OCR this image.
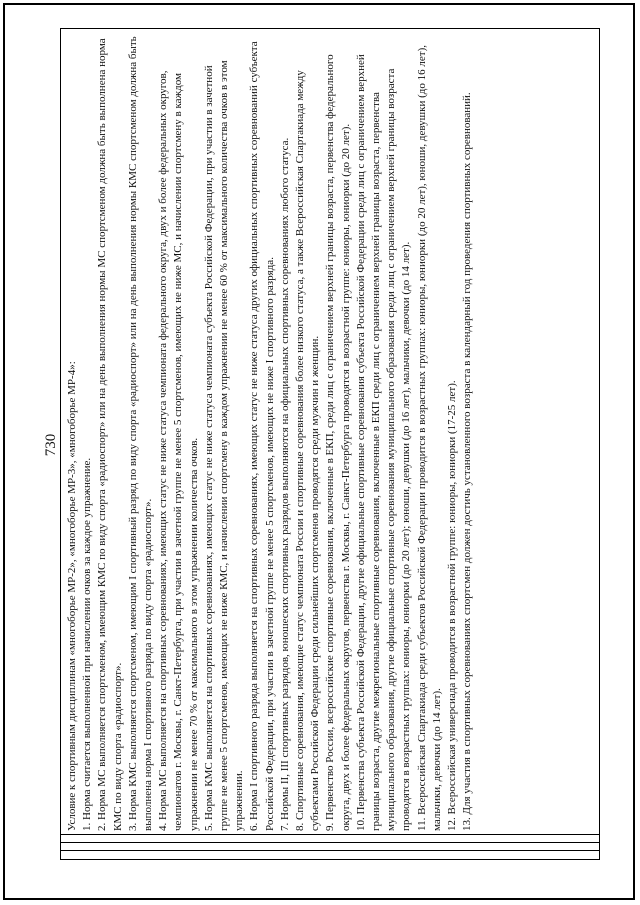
730 Условие к спортивным дисциплинам «многоборье МР-2», «многоборье МР-3», «многоборье МР-4»: 1. Норма считается выполненной при начислении очков за каждое упражнение. 2. Норма МС выполняется спортсменом, имеющим КМС по виду спорта «радиоспорт» или на день выполнения нормы МС спортсменом должна быть выполнена норма КМС по виду спорта «радиоспорт». 3. Норма КМС выполняется спортсменом, имеющим I спортивный разряд по виду спорта «радиоспорт» или на день выполнения нормы КМС спортсменом должна быть выполнена норма I спортивного разряда по виду спорта «радиоспорт». 4. Норма МС выполняется на спортивных соревнованиях, имеющих статус не ниже статуса чемпионата федерального округа, двух и более федеральных округов, чемпионатов г. Москвы, г. Санкт-Петербурга, при участии в зачетной группе не менее 5 спортсменов, имеющих не ниже МС, и начислении спортсмену в каждом упражнении не менее 70 % от максимального в этом упражнении количества очков. 5. Норма КМС выполняется на спортивных соревнованиях, имеющих статус не ниже статуса чемпионата субъекта Российской Федерации, при участии в зачетной группе не менее 5 спортсменов, имеющих не ниже КМС, и начислении спортсмену в каждом упражнении не менее 60 % от максимального количества очков в этом упражнении. 6. Норма I спортивного разряда выполняется на спортивных соревнованиях, имеющих статус не ниже статуса других официальных спортивных соревнований субъекта Российской Федерации, при участии в зачетной группе не менее 5 спортсменов, имеющих не ниже I спортивного разряда. 7. Нормы II, III спортивных разрядов, юношеских спортивных разрядов выполняются на официальных спортивных соревнованиях любого статуса. 8. Спортивные соревнования, имеющие статус чемпионата России и спортивные соревнования более низкого статуса, а также Всероссийская Спартакиада между субъектами Российской Федерации среди сильнейших спортсменов проводятся среди мужчин и женщин. 9. Первенство России, всероссийские спортивные соревнования, включенные в ЕКП, среди лиц с ограничением верхней границы возраста, первенства федерального округа, двух и более федеральных округов, первенства г. Москвы, г. Санкт-Петербурга проводятся в возрастной группе: юниоры, юниорки (до 20 лет). 10. Первенства субъекта Российской Федерации, другие официальные спортивные соревнования субъекта Российской Федерации среди лиц с ограничением верхней границы возраста, другие межрегиональные спортивные соревнования, включенные в ЕКП среди лиц с ограничением верхней границы возраста, первенства муниципального образования, другие официальные спортивные соревнования муниципального образования среди лиц с ограничением верхней границы возраста проводятся в возрастных группах: юниоры, юниорки (до 20 лет); юноши, девушки (до 16 лет), мальчики, девочки (до 14 лет). 11. Всероссийская Спартакиада среди субъектов Российской Федерации проводится в возрастных группах: юниоры, юниорки (до 20 лет), юноши, девушки (до 16 лет), мальчики, девочки (до 14 лет). 12. Всероссийская универсиада проводится в возрастной группе: юниоры, юниорки (17-25 лет). 13. Для участия в спортивных соревнованиях спортсмен должен достичь установленного возраста в календарный год проведения спортивных соревнований.
